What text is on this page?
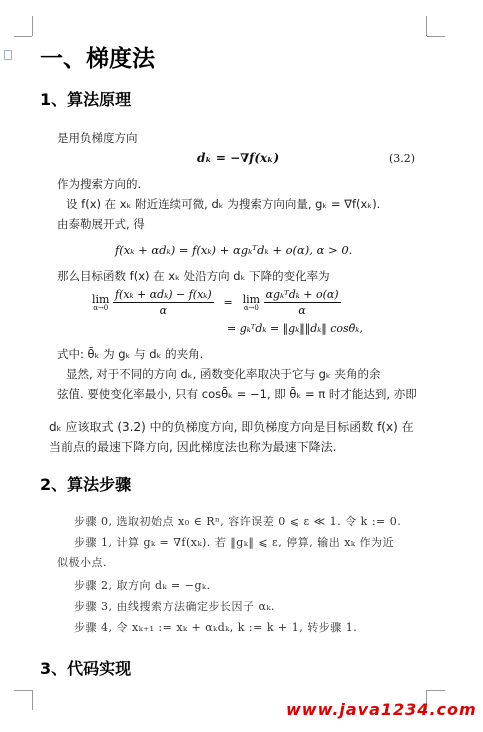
一、梯度法
1、算法原理
是用负梯度方向
dₖ = −∇f(xₖ)	(3.2)
作为搜索方向的.
设 f(x) 在 xₖ 附近连续可微, dₖ 为搜索方向向量, gₖ = ∇f(xₖ).
由泰勒展开式, 得
f(xₖ + αdₖ) = f(xₖ) + αgₖᵀdₖ + o(α), α > 0.
那么目标函数 f(x) 在 xₖ 处沿方向 dₖ 下降的变化率为
lim
α→0
$\frac{\text{f(xₖ + αdₖ) − f(xₖ)}}{\alpha} = \lim$
α→0
$\frac{\text{αgₖᵀdₖ + o(α)}}{\alpha}$
= gₖᵀdₖ = ‖gₖ‖‖dₖ‖ cosθ̄ₖ,
式中: θ̄ₖ 为 gₖ 与 dₖ 的夹角.
显然, 对于不同的方向 dₖ, 函数变化率取决于它与 gₖ 夹角的余
弦值. 要使变化率最小, 只有 cosθ̄ₖ = −1, 即 θ̄ₖ = π 时才能达到, 亦即
dₖ 应该取式 (3.2) 中的负梯度方向, 即负梯度方向是目标函数 f(x) 在
当前点的最速下降方向, 因此梯度法也称为最速下降法.
2、算法步骤
步骤 0, 选取初始点 x₀ ∈ Rⁿ, 容许误差 0 ⩽ ε ≪ 1. 令 k := 0.
步骤 1, 计算 gₖ = ∇f(xₖ). 若 ‖gₖ‖ ⩽ ε, 停算, 输出 xₖ 作为近
似极小点.
步骤 2, 取方向 dₖ = −gₖ.
步骤 3, 由线搜索方法确定步长因子 αₖ.
步骤 4, 令 xₖ₊₁ := xₖ + αₖdₖ, k := k + 1, 转步骤 1.
3、代码实现
www.java1234.com
